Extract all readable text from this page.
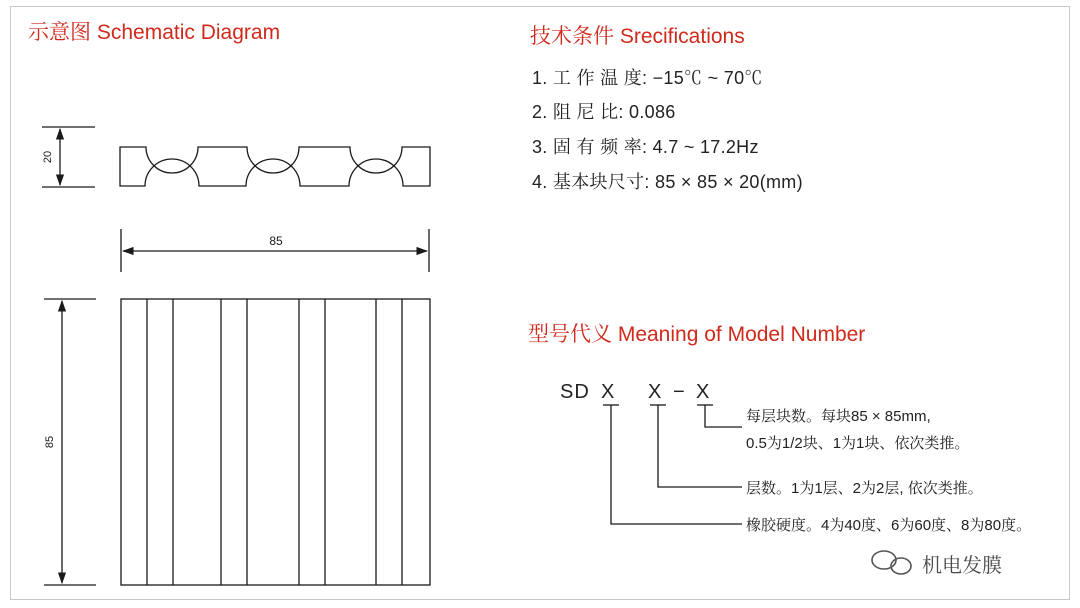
示意图 Schematic Diagram	技术条件 Srecifications
型号代义 Meaning of Model Number
1. 工 作 温 度: −15℃ ~ 70℃
2. 阻 尼 比: 0.086
3. 固 有 频 率: 4.7 ~ 17.2Hz
4. 基本块尺寸: 85 × 85 × 20(mm)
SD X X − X
每层块数。每块85 × 85mm,
0.5为1/2块、1为1块、依次类推。
层数。1为1层、2为2层, 依次类推。
橡胶硬度。4为40度、6为60度、8为80度。
20
85
85
机电发膜
